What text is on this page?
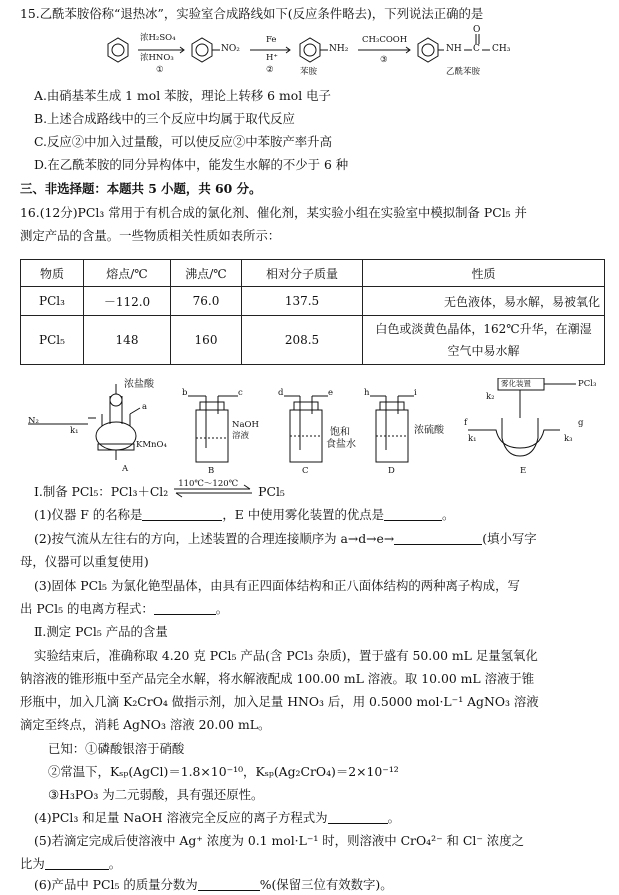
15.乙酰苯胺俗称“退热冰”，实验室合成路线如下(反应条件略去)，下列说法正确的是
浓H₂SO₄
浓HNO₃
①
NO₂
Fe
H⁺
②
NH₂
苯胺
CH₃COOH
③
NH C
O
CH₃
乙酰苯胺
A.由硝基苯生成 1 mol 苯胺，理论上转移 6 mol 电子
B.上述合成路线中的三个反应中均属于取代反应
C.反应②中加入过量酸，可以使反应②中苯胺产率升高
D.在乙酰苯胺的同分异构体中，能发生水解的不少于 6 种
三、非选择题：本题共 5 小题，共 60 分。
16.(12分)PCl₃ 常用于有机合成的氯化剂、催化剂，某实验小组在实验室中模拟制备 PCl₅ 并
测定产品的含量。一些物质相关性质如表所示：
物质	熔点/℃	沸点/℃	相对分子质量	性质
PCl₃	－112.0	76.0	137.5	无色液体，易水解，易被氧化
PCl₅	148	160	208.5	白色或淡黄色晶体，162℃升华，在潮湿
空气中易水解
浓盐酸
N₂
k₁
KMnO₄
a
A
b	c
NaOH
溶液
B
d	e
饱和
食盐水
C
h	i
浓硫酸
D
雾化装置	PCl₃
k₂
f
k₁	k₃
g
E
Ⅰ.制备 PCl₅：PCl₃＋Cl₂ 110℃～120℃ PCl₅
(1)仪器 F 的名称是	，E 中使用雾化装置的优点是	。
(2)按气流从左往右的方向，上述装置的合理连接顺序为 a→d→e→	(填小写字
母，仪器可以重复使用)
(3)固体 PCl₅ 为氯化铯型晶体，由具有正四面体结构和正八面体结构的两种离子构成，写
出 PCl₅ 的电离方程式：	。
Ⅱ.测定 PCl₅ 产品的含量
实验结束后，准确称取 4.20 克 PCl₅ 产品(含 PCl₃ 杂质)，置于盛有 50.00 mL 足量氢氧化
钠溶液的锥形瓶中至产品完全水解，将水解液配成 100.00 mL 溶液。取 10.00 mL 溶液于锥
形瓶中，加入几滴 K₂CrO₄ 做指示剂，加入足量 HNO₃ 后，用 0.5000 mol·L⁻¹ AgNO₃ 溶液
滴定至终点，消耗 AgNO₃ 溶液 20.00 mL。
已知：①磷酸银溶于硝酸
②常温下，Kₛₚ(AgCl)＝1.8×10⁻¹⁰，Kₛₚ(Ag₂CrO₄)＝2×10⁻¹²
③H₃PO₃ 为二元弱酸，具有强还原性。
(4)PCl₃ 和足量 NaOH 溶液完全反应的离子方程式为	。
(5)若滴定完成后使溶液中 Ag⁺ 浓度为 0.1 mol·L⁻¹ 时，则溶液中 CrO₄²⁻ 和 Cl⁻ 浓度之
比为	。
(6)产品中 PCl₅ 的质量分数为	%(保留三位有效数字)。
